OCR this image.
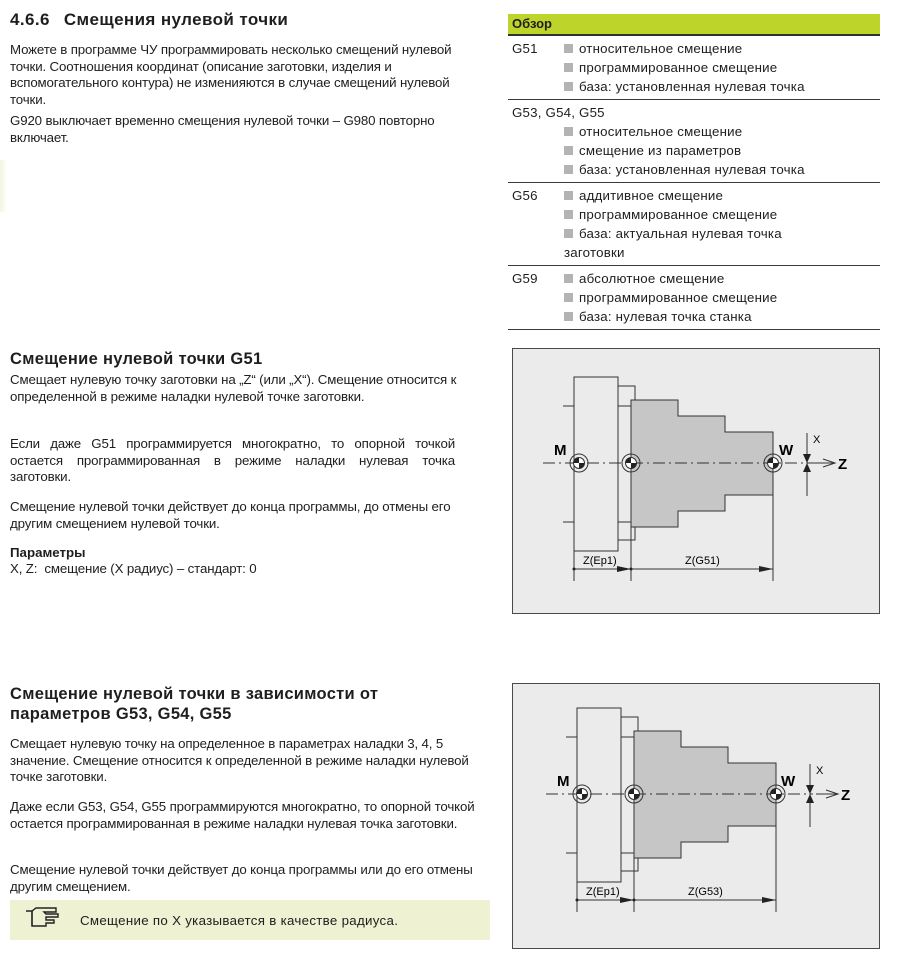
4.6.6 Смещения нулевой точки

Можете в программе ЧУ программировать несколько смещений нулевой точки. Соотношения координат (описание заготовки, изделия и вспомогательного контура) не изменияются в случае смещений нулевой точки.

G920 выключает временно смещения нулевой точки – G980 повторно включает.

Обзор
G51	относительное смещение
программированное смещение
база: установленная нулевая точка
G53, G54, G55
относительное смещение
смещение из параметров
база: установленная нулевая точка
G56	аддитивное смещение
программированное смещение
база: актуальная нулевая точка
заготовки
G59	абсолютное смещение
программированное смещение
база: нулевая точка станка
Смещение нулевой точки G51

Смещает нулевую точку заготовки на „Z“ (или „X“). Смещение относится к определенной в режиме наладки нулевой точке заготовки.

Если даже G51 программируется многократно, то опорной точкой остается программированная в режиме наладки нулевая точка заготовки.

Смещение нулевой точки действует до конца программы, до отмены его другим смещением нулевой точки.

Параметры
X, Z:  смещение (X радиус) – стандарт: 0
M	W
X
Z
Z(Ep1)	Z(G51)
Смещение нулевой точки в зависимости от
параметров G53, G54, G55

Смещает нулевую точку на определенное в параметрах наладки 3, 4, 5 значение. Смещение относится к определенной в режиме наладки нулевой точке заготовки.

Даже если G53, G54, G55 программируются многократно, то опорной точкой остается программированная в режиме наладки нулевая точка заготовки.

Смещение нулевой точки действует до конца программы или до его отмены другим смещением.

Смещение по X указывается в качестве радиуса.
M	W
X
Z
Z(Ep1)	Z(G53)
